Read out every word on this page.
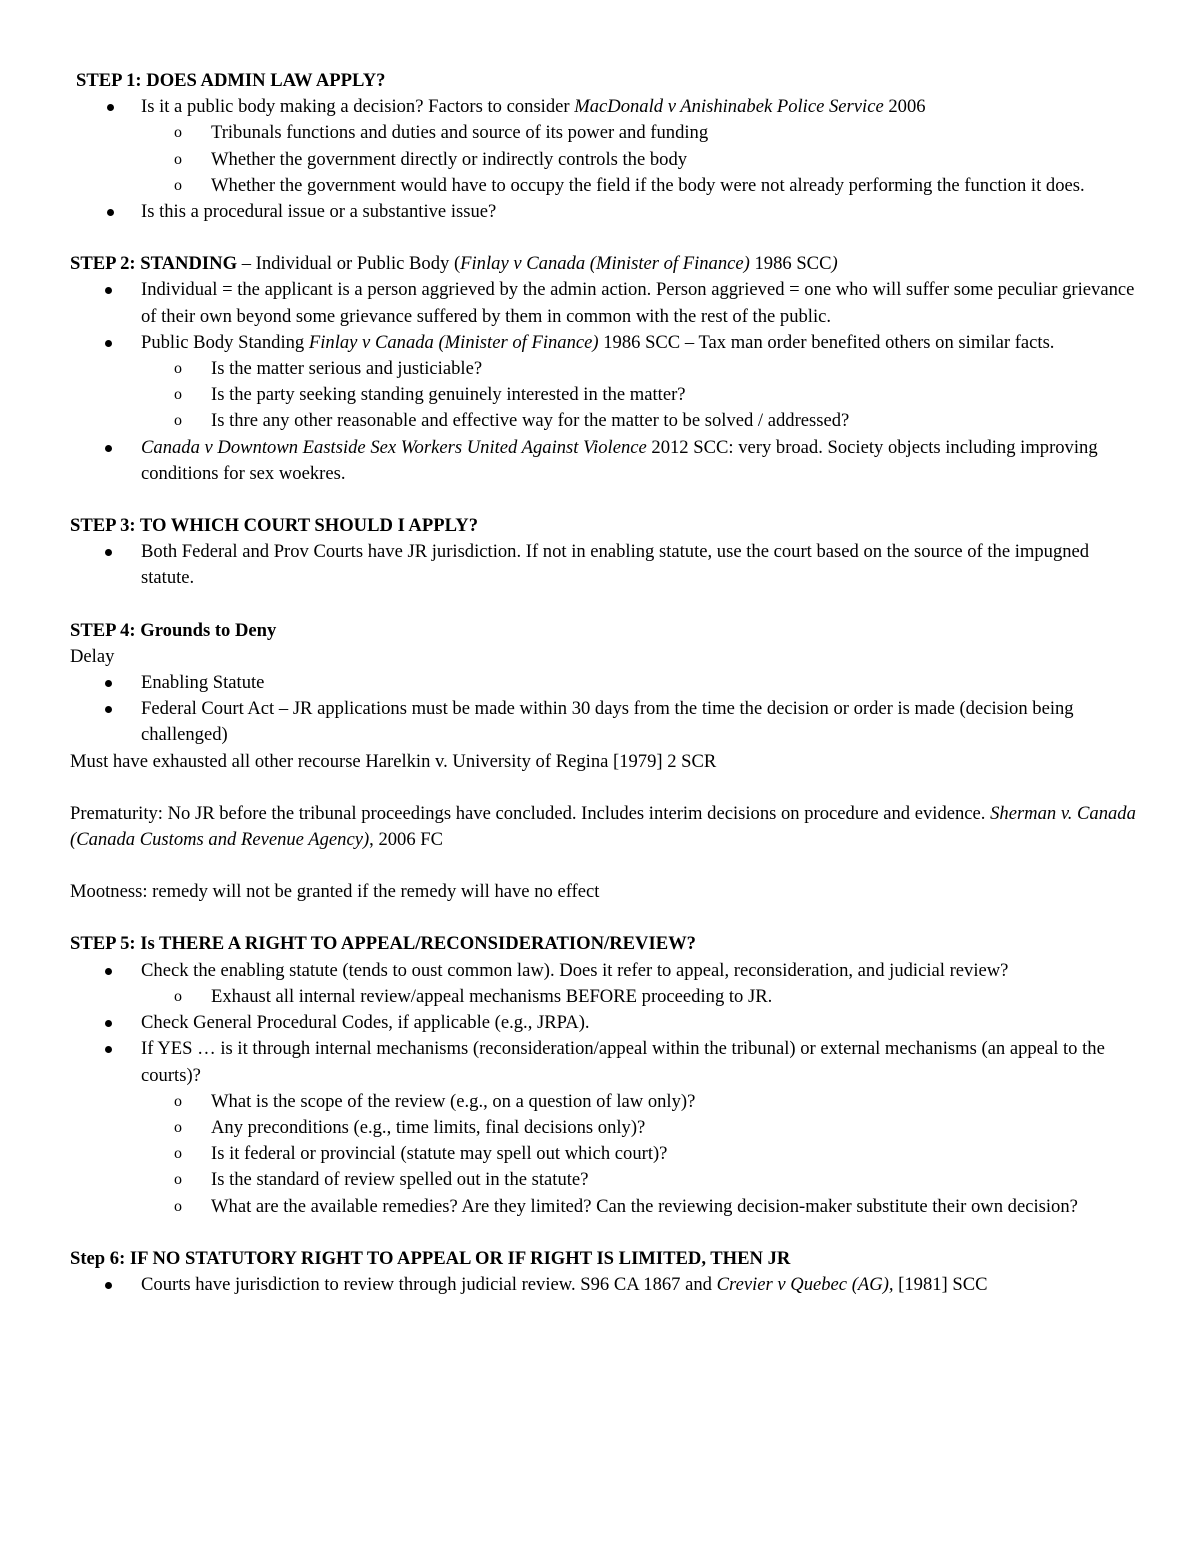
STEP 1: DOES ADMIN LAW APPLY?

Is it a public body making a decision? Factors to consider MacDonald v Anishinabek Police Service 2006
o Tribunals functions and duties and source of its power and funding
o Whether the government directly or indirectly controls the body
o Whether the government would have to occupy the field if the body were not already performing the function it does.
Is this a procedural issue or a substantive issue?

STEP 2: STANDING – Individual or Public Body (Finlay v Canada (Minister of Finance) 1986 SCC)

Individual = the applicant is a person aggrieved by the admin action. Person aggrieved = one who will suffer some peculiar grievance of their own beyond some grievance suffered by them in common with the rest of the public.
Public Body Standing Finlay v Canada (Minister of Finance) 1986 SCC – Tax man order benefited others on similar facts.
o Is the matter serious and justiciable?
o Is the party seeking standing genuinely interested in the matter?
o Is thre any other reasonable and effective way for the matter to be solved / addressed?
Canada v Downtown Eastside Sex Workers United Against Violence 2012 SCC: very broad. Society objects including improving conditions for sex woekres.

STEP 3: TO WHICH COURT SHOULD I APPLY?

Both Federal and Prov Courts have JR jurisdiction. If not in enabling statute, use the court based on the source of the impugned statute.

STEP 4: Grounds to Deny

Delay

Enabling Statute
Federal Court Act – JR applications must be made within 30 days from the time the decision or order is made (decision being challenged)

Must have exhausted all other recourse Harelkin v. University of Regina [1979] 2 SCR

Prematurity: No JR before the tribunal proceedings have concluded. Includes interim decisions on procedure and evidence. Sherman v. Canada (Canada Customs and Revenue Agency), 2006 FC

Mootness: remedy will not be granted if the remedy will have no effect

STEP 5: Is THERE A RIGHT TO APPEAL/RECONSIDERATION/REVIEW?

Check the enabling statute (tends to oust common law). Does it refer to appeal, reconsideration, and judicial review?
o Exhaust all internal review/appeal mechanisms BEFORE proceeding to JR.
Check General Procedural Codes, if applicable (e.g., JRPA).
If YES … is it through internal mechanisms (reconsideration/appeal within the tribunal) or external mechanisms (an appeal to the courts)?
o What is the scope of the review (e.g., on a question of law only)?
o Any preconditions (e.g., time limits, final decisions only)?
o Is it federal or provincial (statute may spell out which court)?
o Is the standard of review spelled out in the statute?
o What are the available remedies? Are they limited? Can the reviewing decision-maker substitute their own decision?

Step 6: IF NO STATUTORY RIGHT TO APPEAL OR IF RIGHT IS LIMITED, THEN JR

Courts have jurisdiction to review through judicial review. S96 CA 1867 and Crevier v Quebec (AG), [1981] SCC
